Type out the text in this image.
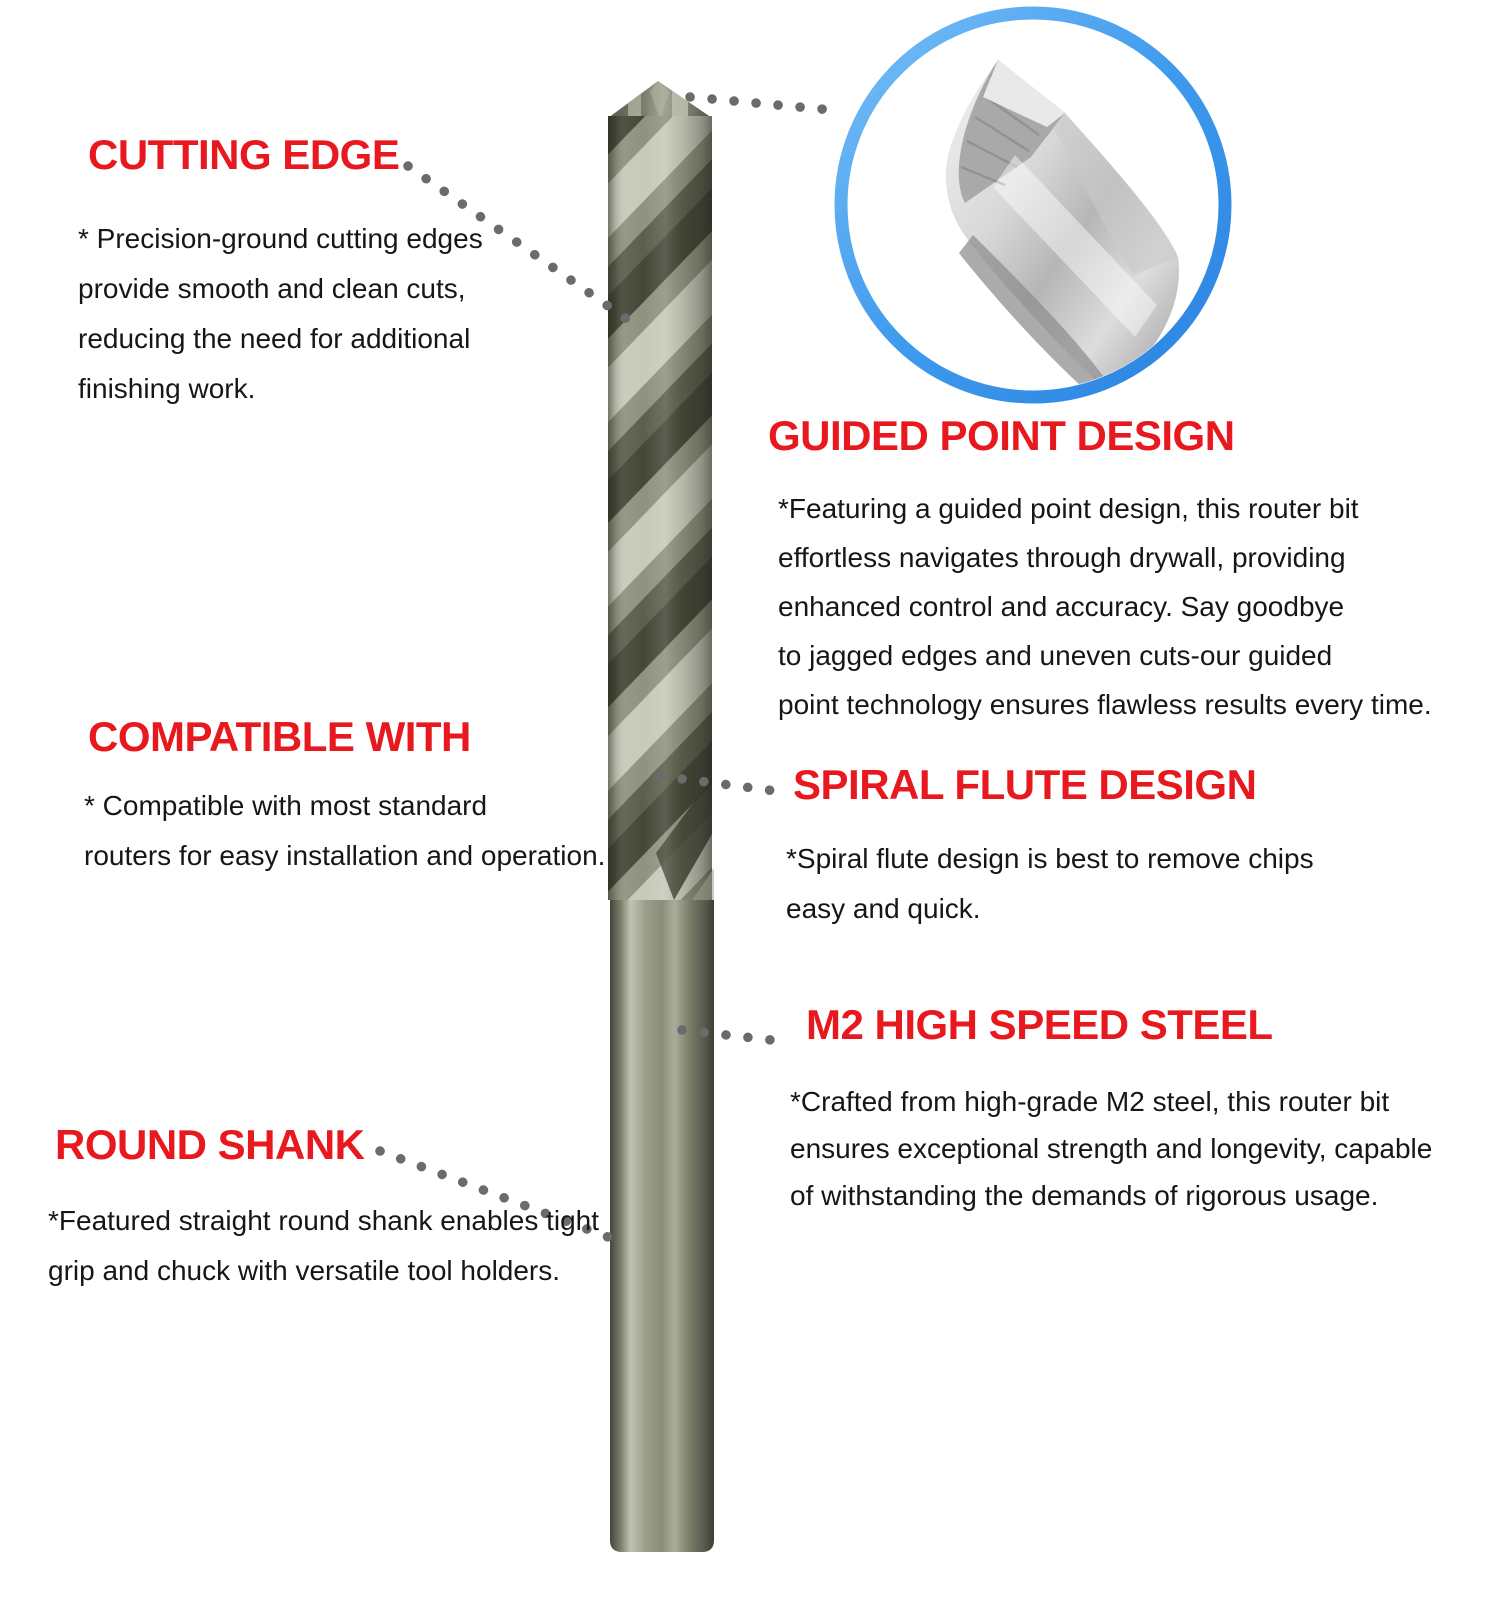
CUTTING EDGE
* Precision-ground cutting edges
provide smooth and clean cuts,
reducing the need for additional
finishing work.
COMPATIBLE WITH
* Compatible with most standard
routers for easy installation and operation.
ROUND SHANK
*Featured straight round shank enables tight
grip and chuck with versatile tool holders.
GUIDED POINT DESIGN
*Featuring a guided point design, this router bit
effortless navigates through drywall, providing
enhanced control and accuracy. Say goodbye
to jagged edges and uneven cuts-our guided
point technology ensures flawless results every time.
SPIRAL FLUTE DESIGN
*Spiral flute design is best to remove chips
easy and quick.
M2 HIGH SPEED STEEL
*Crafted from high-grade M2 steel, this router bit
ensures exceptional strength and longevity, capable
of withstanding the demands of rigorous usage.
